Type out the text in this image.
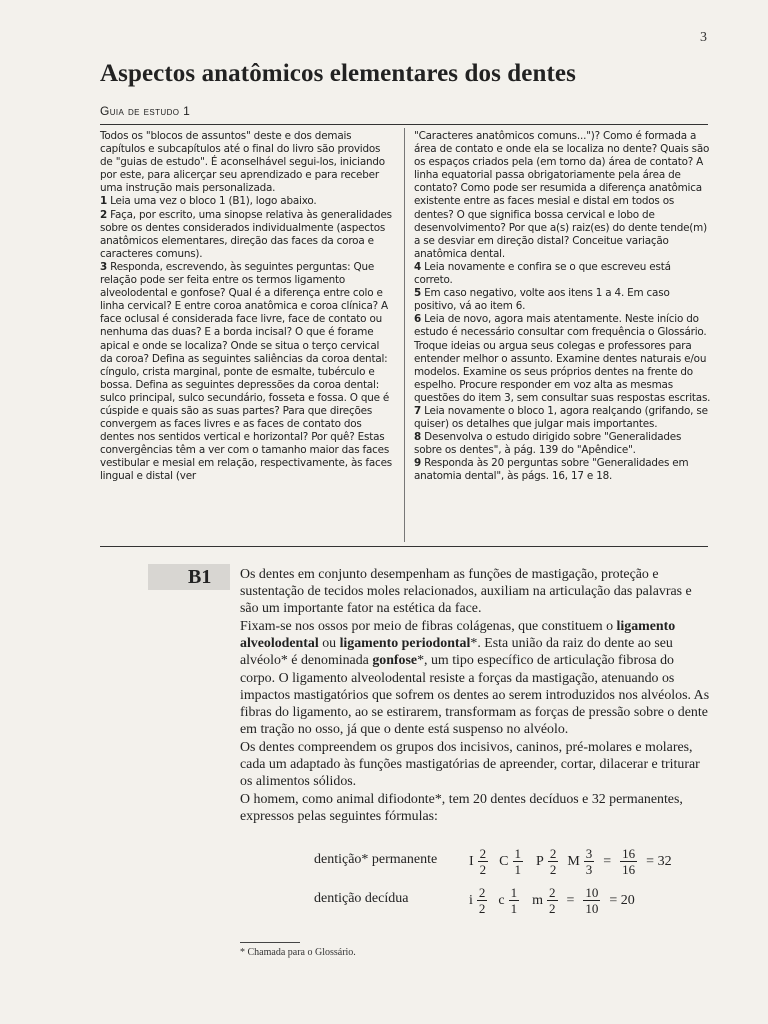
3
Aspectos anatômicos elementares dos dentes
Guia de estudo 1

Todos os "blocos de assuntos" deste e dos demais capítulos e subcapítulos até o final do livro são providos de "guias de estudo". É aconselhável segui-los, iniciando por este, para alicerçar seu aprendizado e para receber uma instrução mais personalizada.

1 Leia uma vez o bloco 1 (B1), logo abaixo.

2 Faça, por escrito, uma sinopse relativa às generalidades sobre os dentes considerados individualmente (aspectos anatômicos elementares, direção das faces da coroa e caracteres comuns).

3 Responda, escrevendo, às seguintes perguntas: Que relação pode ser feita entre os termos ligamento alveolodental e gonfose? Qual é a diferença entre colo e linha cervical? E entre coroa anatômica e coroa clínica? A face oclusal é considerada face livre, face de contato ou nenhuma das duas? E a borda incisal? O que é forame apical e onde se localiza? Onde se situa o terço cervical da coroa? Defina as seguintes saliências da coroa dental: cíngulo, crista marginal, ponte de esmalte, tubérculo e bossa. Defina as seguintes depressões da coroa dental: sulco principal, sulco secundário, fosseta e fossa. O que é cúspide e quais são as suas partes? Para que direções convergem as faces livres e as faces de contato dos dentes nos sentidos vertical e horizontal? Por quê? Estas convergências têm a ver com o tamanho maior das faces vestibular e mesial em relação, respectivamente, às faces lingual e distal (ver

"Caracteres anatômicos comuns...")? Como é formada a área de contato e onde ela se localiza no dente? Quais são os espaços criados pela (em torno da) área de contato? A linha equatorial passa obrigatoriamente pela área de contato? Como pode ser resumida a diferença anatômica existente entre as faces mesial e distal em todos os dentes? O que significa bossa cervical e lobo de desenvolvimento? Por que a(s) raiz(es) do dente tende(m) a se desviar em direção distal? Conceitue variação anatômica dental.

4 Leia novamente e confira se o que escreveu está correto.

5 Em caso negativo, volte aos itens 1 a 4. Em caso positivo, vá ao item 6.

6 Leia de novo, agora mais atentamente. Neste início do estudo é necessário consultar com frequência o Glossário. Troque ideias ou argua seus colegas e professores para entender melhor o assunto. Examine dentes naturais e/ou modelos. Examine os seus próprios dentes na frente do espelho. Procure responder em voz alta as mesmas questões do item 3, sem consultar suas respostas escritas.

7 Leia novamente o bloco 1, agora realçando (grifando, se quiser) os detalhes que julgar mais importantes.

8 Desenvolva o estudo dirigido sobre "Generalidades sobre os dentes", à pág. 139 do "Apêndice".

9 Responda às 20 perguntas sobre "Generalidades em anatomia dental", às págs. 16, 17 e 18.

B1 Os dentes em conjunto desempenham as funções de mastigação, proteção e sustentação de tecidos moles relacionados, auxiliam na articulação das palavras e são um importante fator na estética da face.

Fixam-se nos ossos por meio de fibras colágenas, que constituem o ligamento alveolodental ou ligamento periodontal*. Esta união da raiz do dente ao seu alvéolo* é denominada gonfose*, um tipo específico de articulação fibrosa do corpo. O ligamento alveolodental resiste a forças da mastigação, atenuando os impactos mastigatórios que sofrem os dentes ao serem introduzidos nos alvéolos. As fibras do ligamento, ao se estirarem, transformam as forças de pressão sobre o dente em tração no osso, já que o dente está suspenso no alvéolo.

Os dentes compreendem os grupos dos incisivos, caninos, pré-molares e molares, cada um adaptado às funções mastigatórias de apreender, cortar, dilacerar e triturar os alimentos sólidos.

O homem, como animal difiodonte*, tem 20 dentes decíduos e 32 permanentes, expressos pelas seguintes fórmulas:

dentição* permanente I $\frac{2}{2}$ C $\frac{1}{1}$ P $\frac{2}{2}$ M $\frac{3}{3} = \frac{16}{16} = 32$
dentição decídua	i $\frac{2}{2}$ c $\frac{1}{1}$ m $\frac{2}{2} = \frac{10}{10} = 20$
* Chamada para o Glossário.
